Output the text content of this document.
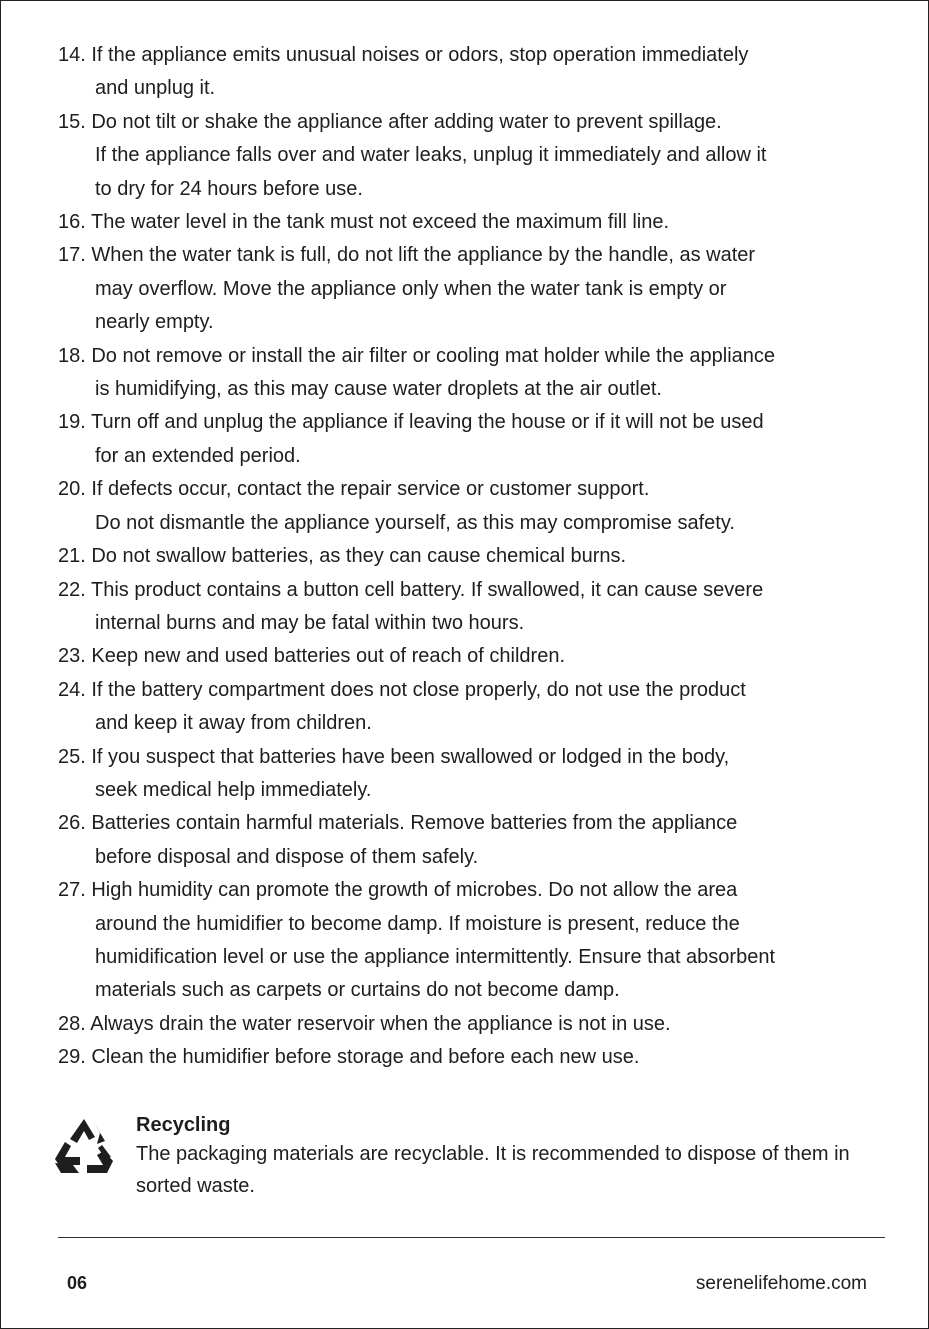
14. If the appliance emits unusual noises or odors, stop operation immediately
and unplug it.
15. Do not tilt or shake the appliance after adding water to prevent spillage.
If the appliance falls over and water leaks, unplug it immediately and allow it
to dry for 24 hours before use.
16. The water level in the tank must not exceed the maximum fill line.
17. When the water tank is full, do not lift the appliance by the handle, as water
may overflow. Move the appliance only when the water tank is empty or
nearly empty.
18. Do not remove or install the air filter or cooling mat holder while the appliance
is humidifying, as this may cause water droplets at the air outlet.
19. Turn off and unplug the appliance if leaving the house or if it will not be used
for an extended period.
20. If defects occur, contact the repair service or customer support.
Do not dismantle the appliance yourself, as this may compromise safety.
21. Do not swallow batteries, as they can cause chemical burns.
22. This product contains a button cell battery. If swallowed, it can cause severe
internal burns and may be fatal within two hours.
23. Keep new and used batteries out of reach of children.
24. If the battery compartment does not close properly, do not use the product
and keep it away from children.
25. If you suspect that batteries have been swallowed or lodged in the body,
seek medical help immediately.
26. Batteries contain harmful materials. Remove batteries from the appliance
before disposal and dispose of them safely.
27. High humidity can promote the growth of microbes. Do not allow the area
around the humidifier to become damp. If moisture is present, reduce the
humidification level or use the appliance intermittently. Ensure that absorbent
materials such as carpets or curtains do not become damp.
28. Always drain the water reservoir when the appliance is not in use.
29. Clean the humidifier before storage and before each new use.
Recycling
The packaging materials are recyclable. It is recommended to dispose of them in sorted waste.
06	serenelifehome.com
